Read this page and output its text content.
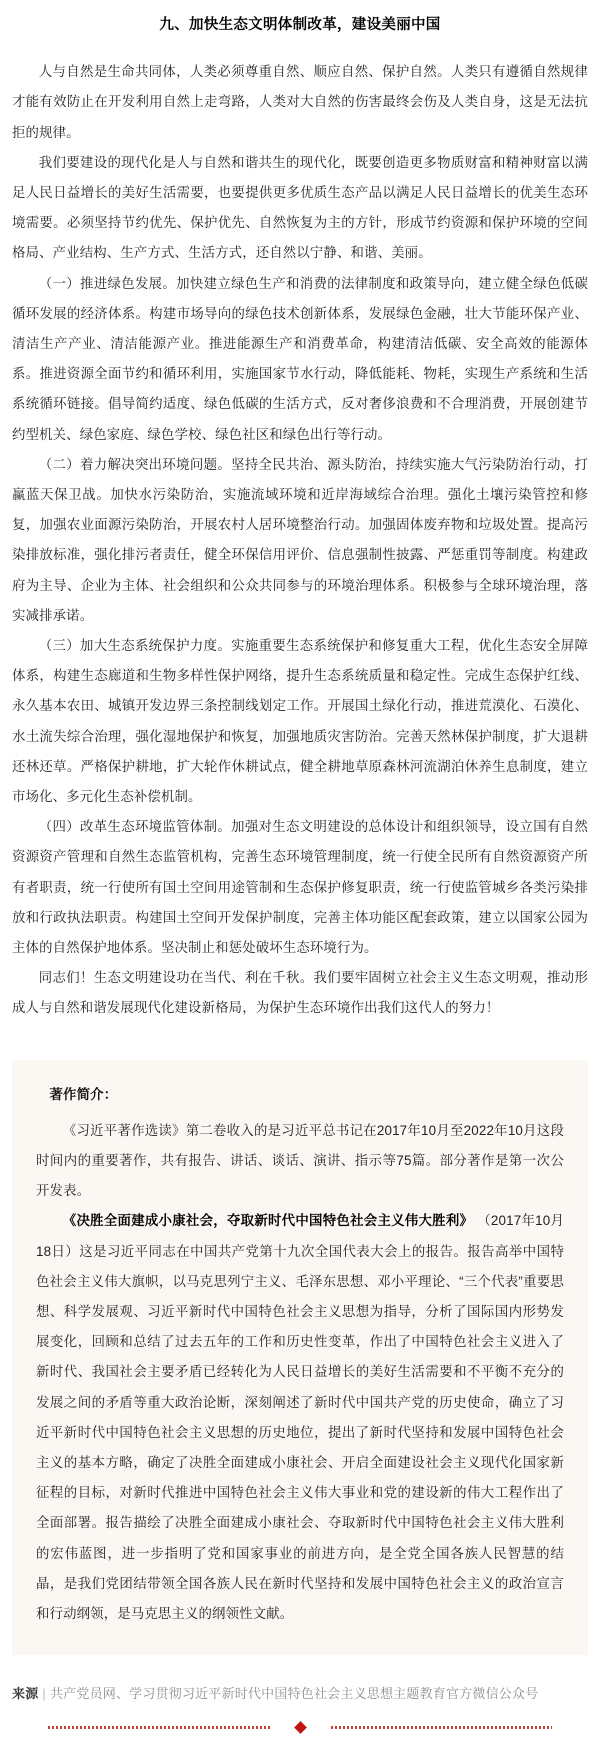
九、加快生态文明体制改革，建设美丽中国

人与自然是生命共同体，人类必须尊重自然、顺应自然、保护自然。人类只有遵循自然规律才能有效防止在开发利用自然上走弯路，人类对大自然的伤害最终会伤及人类自身，这是无法抗拒的规律。

我们要建设的现代化是人与自然和谐共生的现代化，既要创造更多物质财富和精神财富以满足人民日益增长的美好生活需要，也要提供更多优质生态产品以满足人民日益增长的优美生态环境需要。必须坚持节约优先、保护优先、自然恢复为主的方针，形成节约资源和保护环境的空间格局、产业结构、生产方式、生活方式，还自然以宁静、和谐、美丽。

（一）推进绿色发展。加快建立绿色生产和消费的法律制度和政策导向，建立健全绿色低碳循环发展的经济体系。构建市场导向的绿色技术创新体系，发展绿色金融，壮大节能环保产业、清洁生产产业、清洁能源产业。推进能源生产和消费革命，构建清洁低碳、安全高效的能源体系。推进资源全面节约和循环利用，实施国家节水行动，降低能耗、物耗，实现生产系统和生活系统循环链接。倡导简约适度、绿色低碳的生活方式，反对奢侈浪费和不合理消费，开展创建节约型机关、绿色家庭、绿色学校、绿色社区和绿色出行等行动。

（二）着力解决突出环境问题。坚持全民共治、源头防治，持续实施大气污染防治行动，打赢蓝天保卫战。加快水污染防治，实施流域环境和近岸海域综合治理。强化土壤污染管控和修复，加强农业面源污染防治，开展农村人居环境整治行动。加强固体废弃物和垃圾处置。提高污染排放标准，强化排污者责任，健全环保信用评价、信息强制性披露、严惩重罚等制度。构建政府为主导、企业为主体、社会组织和公众共同参与的环境治理体系。积极参与全球环境治理，落实减排承诺。

（三）加大生态系统保护力度。实施重要生态系统保护和修复重大工程，优化生态安全屏障体系，构建生态廊道和生物多样性保护网络，提升生态系统质量和稳定性。完成生态保护红线、永久基本农田、城镇开发边界三条控制线划定工作。开展国土绿化行动，推进荒漠化、石漠化、水土流失综合治理，强化湿地保护和恢复，加强地质灾害防治。完善天然林保护制度，扩大退耕还林还草。严格保护耕地，扩大轮作休耕试点，健全耕地草原森林河流湖泊休养生息制度，建立市场化、多元化生态补偿机制。

（四）改革生态环境监管体制。加强对生态文明建设的总体设计和组织领导，设立国有自然资源资产管理和自然生态监管机构，完善生态环境管理制度，统一行使全民所有自然资源资产所有者职责，统一行使所有国土空间用途管制和生态保护修复职责，统一行使监管城乡各类污染排放和行政执法职责。构建国土空间开发保护制度，完善主体功能区配套政策，建立以国家公园为主体的自然保护地体系。坚决制止和惩处破坏生态环境行为。

同志们！生态文明建设功在当代、利在千秋。我们要牢固树立社会主义生态文明观，推动形成人与自然和谐发展现代化建设新格局，为保护生态环境作出我们这代人的努力！

著作简介：

《习近平著作选读》第二卷收入的是习近平总书记在2017年10月至2022年10月这段时间内的重要著作，共有报告、讲话、谈话、演讲、指示等75篇。部分著作是第一次公开发表。

《决胜全面建成小康社会，夺取新时代中国特色社会主义伟大胜利》 （2017年10月18日）这是习近平同志在中国共产党第十九次全国代表大会上的报告。报告高举中国特色社会主义伟大旗帜，以马克思列宁主义、毛泽东思想、邓小平理论、“三个代表”重要思想、科学发展观、习近平新时代中国特色社会主义思想为指导，分析了国际国内形势发展变化，回顾和总结了过去五年的工作和历史性变革，作出了中国特色社会主义进入了新时代、我国社会主要矛盾已经转化为人民日益增长的美好生活需要和不平衡不充分的发展之间的矛盾等重大政治论断，深刻阐述了新时代中国共产党的历史使命，确立了习近平新时代中国特色社会主义思想的历史地位，提出了新时代坚持和发展中国特色社会主义的基本方略，确定了决胜全面建成小康社会、开启全面建设社会主义现代化国家新征程的目标，对新时代推进中国特色社会主义伟大事业和党的建设新的伟大工程作出了全面部署。报告描绘了决胜全面建成小康社会、夺取新时代中国特色社会主义伟大胜利的宏伟蓝图，进一步指明了党和国家事业的前进方向，是全党全国各族人民智慧的结晶，是我们党团结带领全国各族人民在新时代坚持和发展中国特色社会主义的政治宣言和行动纲领，是马克思主义的纲领性文献。

来源 | 共产党员网、学习贯彻习近平新时代中国特色社会主义思想主题教育官方微信公众号
